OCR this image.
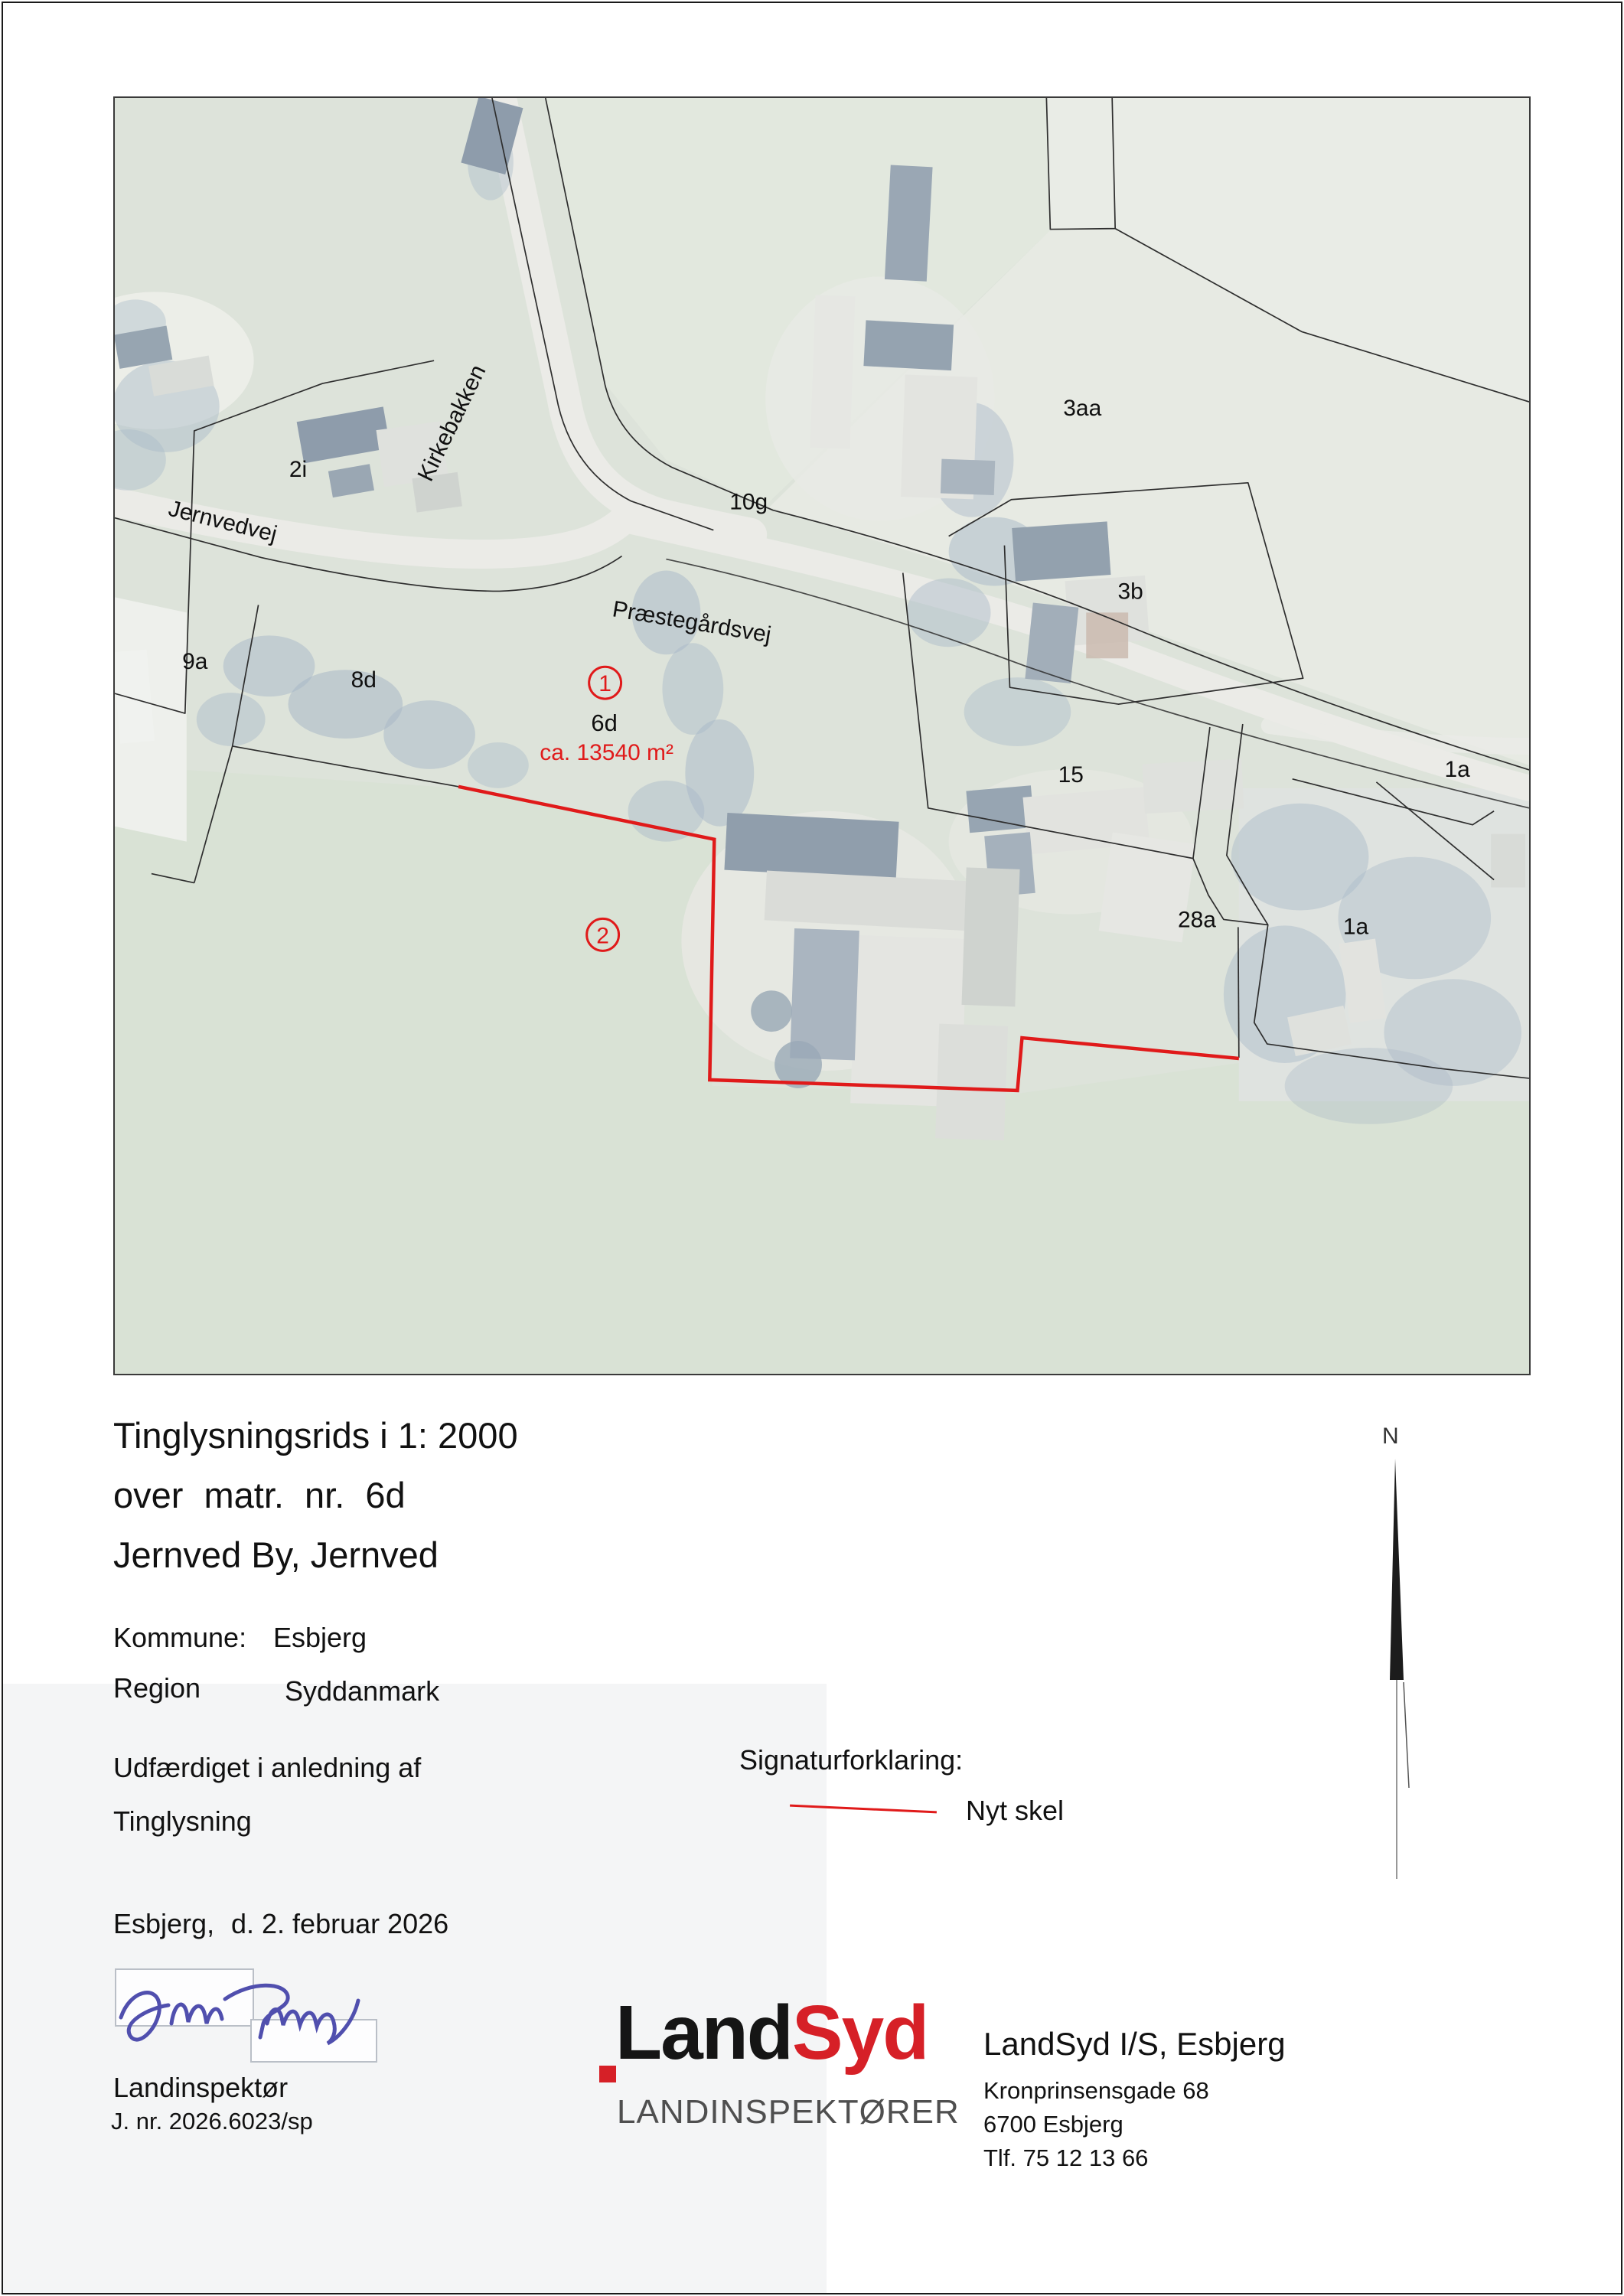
1
2
6d
ca. 13540 m²
2i
10g
3aa
3b
9a
8d
15	1a
28a	1a
Jernvedvej
Kirkebakken
Præstegårdsvej
Tinglysningsrids i 1: 2000
over matr. nr. 6d
Jernved By, Jernved
Kommune: Esbjerg
Region	Syddanmark
Udfærdiget i anledning af
Tinglysning
Signaturforklaring:
Nyt skel
Esbjerg, d. 2. februar 2026
Landinspektør
J. nr. 2026.6023/sp
LandSyd
LANDINSPEKTØRER
LandSyd I/S, Esbjerg
Kronprinsensgade 68
6700 Esbjerg
Tlf. 75 12 13 66
N
